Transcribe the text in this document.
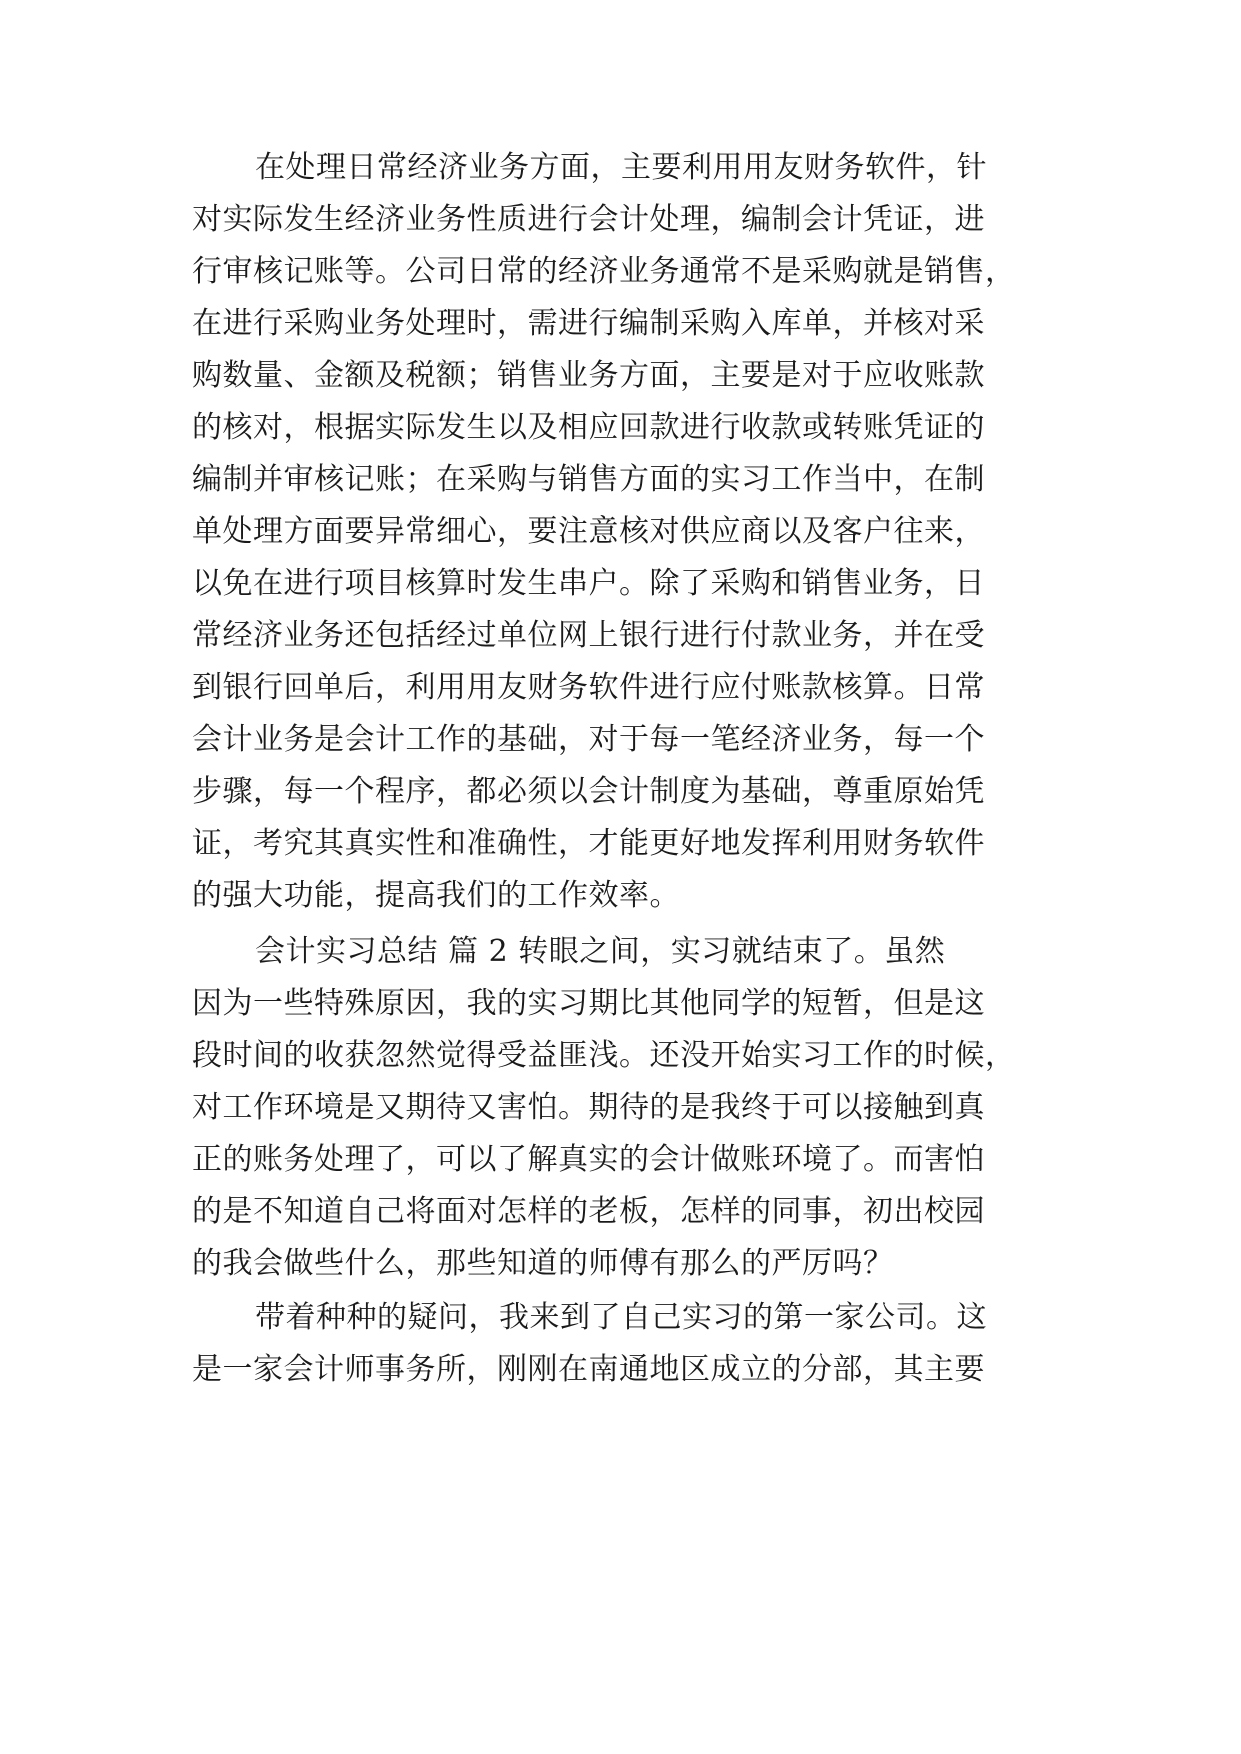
在处理日常经济业务方面，主要利用用友财务软件，针
对实际发生经济业务性质进行会计处理，编制会计凭证，进
行审核记账等。公司日常的经济业务通常不是采购就是销售，
在进行采购业务处理时，需进行编制采购入库单，并核对采
购数量、金额及税额；销售业务方面，主要是对于应收账款
的核对，根据实际发生以及相应回款进行收款或转账凭证的
编制并审核记账；在采购与销售方面的实习工作当中，在制
单处理方面要异常细心，要注意核对供应商以及客户往来，
以免在进行项目核算时发生串户。除了采购和销售业务，日
常经济业务还包括经过单位网上银行进行付款业务，并在受
到银行回单后，利用用友财务软件进行应付账款核算。日常
会计业务是会计工作的基础，对于每一笔经济业务，每一个
步骤，每一个程序，都必须以会计制度为基础，尊重原始凭
证，考究其真实性和准确性，才能更好地发挥利用财务软件
的强大功能，提高我们的工作效率。
会计实习总结 篇 2 转眼之间，实习就结束了。虽然
因为一些特殊原因，我的实习期比其他同学的短暂，但是这
段时间的收获忽然觉得受益匪浅。还没开始实习工作的时候，
对工作环境是又期待又害怕。期待的是我终于可以接触到真
正的账务处理了，可以了解真实的会计做账环境了。而害怕
的是不知道自己将面对怎样的老板，怎样的同事，初出校园
的我会做些什么，那些知道的师傅有那么的严厉吗？
带着种种的疑问，我来到了自己实习的第一家公司。这
是一家会计师事务所，刚刚在南通地区成立的分部，其主要
